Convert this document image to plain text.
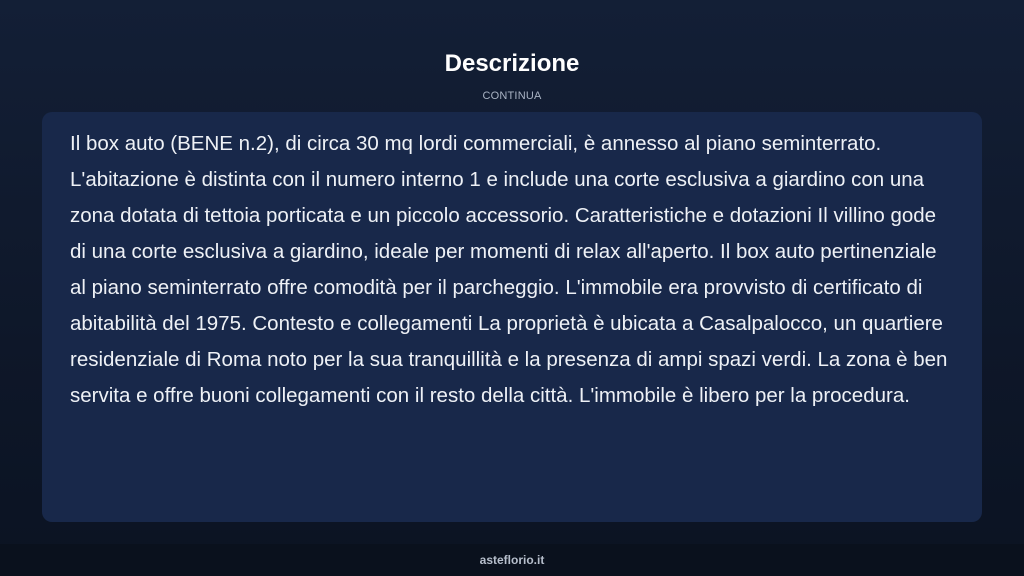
Descrizione
CONTINUA

Il box auto (BENE n.2), di circa 30 mq lordi commerciali, è annesso al piano seminterrato. L'abitazione è distinta con il numero interno 1 e include una corte esclusiva a giardino con una zona dotata di tettoia porticata e un piccolo accessorio. Caratteristiche e dotazioni Il villino gode di una corte esclusiva a giardino, ideale per momenti di relax all'aperto. Il box auto pertinenziale al piano seminterrato offre comodità per il parcheggio. L'immobile era provvisto di certificato di abitabilità del 1975. Contesto e collegamenti La proprietà è ubicata a Casalpalocco, un quartiere residenziale di Roma noto per la sua tranquillità e la presenza di ampi spazi verdi. La zona è ben servita e offre buoni collegamenti con il resto della città. L'immobile è libero per la procedura.

asteflorio.it
